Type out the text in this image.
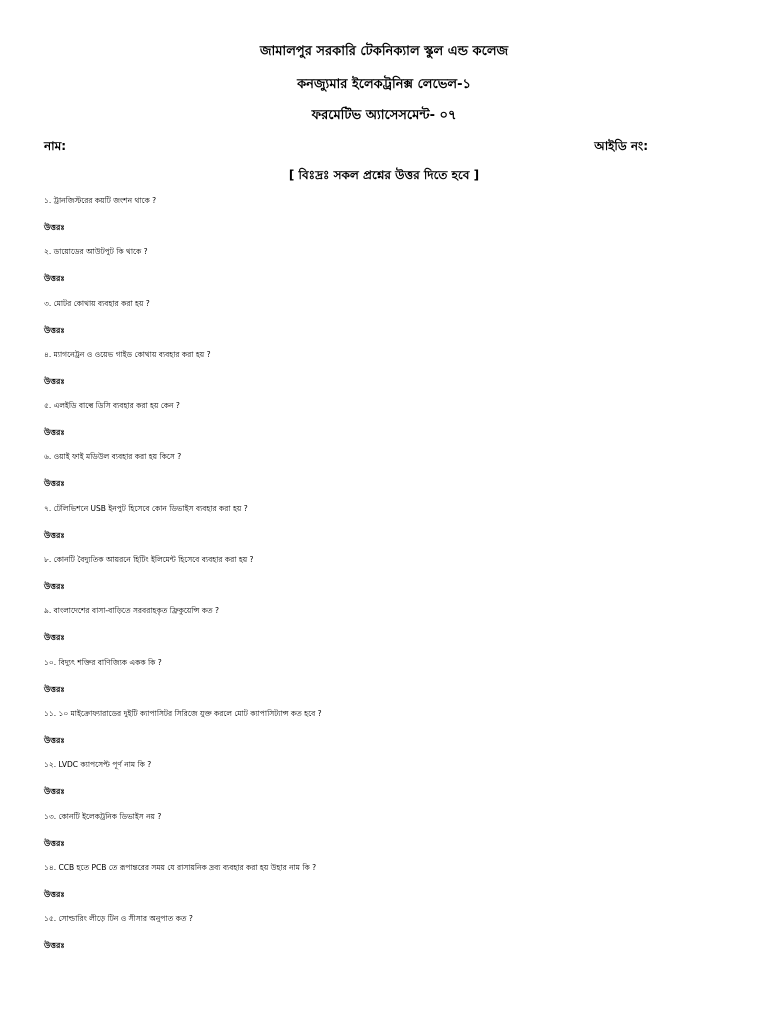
জামালপুর সরকারি টেকনিক্যাল স্কুল এন্ড কলেজ
কনজ্যুমার ইলেকট্রনিক্স লেভেল-১
ফরমেটিভ অ্যাসেসমেন্ট- ০৭
নাম:	আইডি নং:
[ বিঃদ্রঃ সকল প্রশ্নের উত্তর দিতে হবে ]
১. ট্রানজিস্টরের কয়টি জংশন থাকে ?
উত্তরঃ
২. ডায়োডের আউটপুট কি থাকে ?
উত্তরঃ
৩. মোটর কোথায় ব্যবহার করা হয় ?
উত্তরঃ
৪. ম্যাগনেট্রন ও ওয়েভ গাইড কোথায় ব্যবহার করা হয় ?
উত্তরঃ
৫. এলইডি বাল্বে ডিসি ব্যবহার করা হয় কেন ?
উত্তরঃ
৬. ওয়াই ফাই মডিউল ব্যবহার করা হয় কিসে ?
উত্তরঃ
৭. টেলিভিশনে USB ইনপুট হিসেবে কোন ডিভাইস ব্যবহার করা হয় ?
উত্তরঃ
৮. কোনটি বৈদ্যুতিক আয়রনে হিটিং ইলিমেন্ট হিসেবে ব্যবহার করা হয় ?
উত্তরঃ
৯. বাংলাদেশের বাসা-বাড়িতে সরবরাহকৃত ফ্রিকুয়েন্সি কত ?
উত্তরঃ
১০. বিদ্যুৎ শক্তির বাণিজ্যিক একক কি ?
উত্তরঃ
১১. ১০ মাইক্রোফ্যারাডের দুইটি ক্যাপাসিটর সিরিজে যুক্ত করলে মোট ক্যাপাসিট্যান্স কত হবে ?
উত্তরঃ
১২. LVDC ক্যাপসেপ্ট পূর্ণ নাম কি ?
উত্তরঃ
১৩. কোনটি ইলেকট্রনিক ডিভাইস নয় ?
উত্তরঃ
১৪. CCB হতে PCB তে রূপান্তরের সময় যে রাসায়নিক দ্রব্য ব্যবহার করা হয় উহার নাম কি ?
উত্তরঃ
১৫. সোল্ডারিং লীড়ে টিন ও সীসার অনুপাত কত ?
উত্তরঃ
